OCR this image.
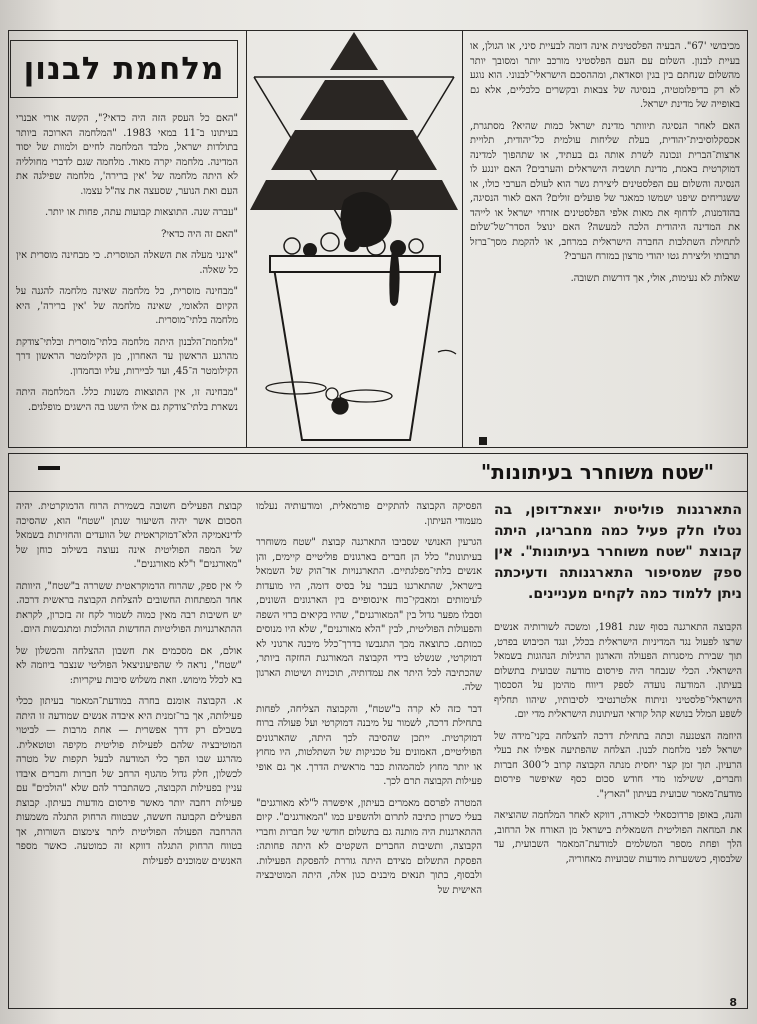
מלחמת לבנון

"האם כל העסק הזה היה כדאי?", הקשה אורי אבנרי בעיתונו ב־11 במאי 1983. "המלחמה הארוכה ביותר בתולדות ישראל, מלבד המלחמה לחיים ולמוות של יסוד המדינה. מלחמה יקרה מאוד. מלחמה שגם לדברי מחולליה לא היתה מלחמה של 'אין ברירה', מלחמה שפילגה את העם ואת הנוער, שסעצה את צה"ל עצמו.

"עברה שנה. התוצאות קבועות עתה, פחות או יותר.

"האם זה היה כדאי?

"אינני מעלה את השאלה המוסרית. כי מבחינה מוסרית אין כל שאלה.

"מבחינה מוסרית, כל מלחמה שאינה מלחמה להגנה על הקיום הלאומי, שאינה מלחמה של 'אין ברירה', היא מלחמה בלתי־מוסרית.

"מלחמת־הלבנון היתה מלחמה בלתי־מוסרית ובלתי־צודקת מהרגע הראשון עד האחרון, מן הקילומטר הראשון דרך הקילומטר ה־45, ועד לביירות, עליו ובחמדון.

"מבחינה זו, אין התוצאות משנות כלל. המלחמה היתה נשארת בלתי־צודקת גם אילו הישגו בה הישגים מופלגים.

מכיבושי '67". הבעיה הפלסטינית אינה דומה לבעיית סיני, או הגולן, או בעיית לבנון. השלום עם העם הפלסטיני מורכב יותר ומסובך יותר מהשלום שנחתם בין בגין וסאדאת, ומההסכם הישראלי־לבנוני. הוא נוגע לא רק בדיפלומטיה, בנסיגה של צבאות ובקשרים כלכליים, אלא גם באופייה של מדינת ישראל.

האם לאחר הנסיגה תיוותר מדינת ישראל כמות שהיא? מסתגרת, אכסקלוסיבית־יהודית, בעלת שליחות עולמית כל־יהודית, תלויית ארצות־הברית ונכונה לשרת אותה גם בעתיד, או שתהפוך למדינה דמוקרטית באמת, מדינת תושביה הישראלים והערבים? האם יונגע לו הנסיגה והשלום עם הפלסטינים ליצירת גשר הוא לעולם הערבי כולו, או ששגריחים שיפנו ישמשו כמאגר של פועלים זולים? האם לאור הנסיגה, בהזדמנות, לדחוף את מאות אלפי הפלסטינים אזרחי ישראל או לייהד את המדינה היהודית הלכה למעשה? האם ינוצל הסדר־של־שלום לתחילת השתלבות החברה הישראלית במרחב, או להקמת מסך־ברזל תרבותי וליצירת גטו יהודי מרצון במזרח הערבי?

שאלות לא נעימות, אולי, אך דורשות תשובה.

"שטח משוחרר בעיתונות"

התארגנות פוליטית יוצאת־דופן, בה נטלו חלק פעיל כמה מחבריגו, היתה קבוצת "שטח משוחרר בעיתונות". אין ספק שמסיפור התארגנותה ודעיכתה ניתן ללמוד כמה לקחים מעניינים.

הקבוצה התארגנה בסוף שנת 1981, ומשכה לשורותיה אנשים שרצו לפעול נגד המדיניות הישראלית בכלל, ונגד הכיבוש בפרט, תוך שבירת מיסגרות הפעולה והארגון הרגילות הנהוגות בשמאל הישראלי. הכלי שנבחר היה פירסום מודעה שבועית בתשלום בעיתון. המודעה נועדה לספק דיווח מהימן על הסכסוך הישראלי־פלסטיני וניתוח אלטרנטיבי לסיבותיו, שיהוו תחליף לשפע המלל בנושא קהל קוראי העיתונות הישראלית מדי יום.

היוזמה הצטנעה וכתה בתחילת דרכה להצלחה בקני־מידה של ישראל לפני מלחמת לבנון. הצלחה שהפתיעה אפילו את בעלי הרעיון. תוך זמן קצר יחסית מנתה הקבוצה קרוב ל־300 חברות וחברים, ששילמו מדי חודש סכום כסף שאיפשר פירסום מודעת־מאמר שבועית בעיתון "הארץ".

והנה, באופן פרדוכסאלי לכאורה, דווקא לאחר המלחמה שהוציאה את המחאה הפוליטית השמאלית בישראל מן האורח אל הרחוב, הלך ופחת מספר המשלמים למודעת־המאמר השבועית, עד שלבסוף, כששערות מודעות שבועיות מאחוריה,

הפסיקה הקבוצה להתקיים פורמאלית, ומודעותיה נעלמו מעמודי העיתון.

הגרעין האנושי שסביבו התארגנה קבוצת "שטח משוחרר בעיתונות" כלל הן חברים בארגונים פוליטיים קיימים, והן אנשים בלתי־מפלגתיים. התארגנויות אד־הוק של השמאל בישראל, שהתארגנו בעבר על בסיס דומה, היו מועדות לעימותים ומאבקי־כוח אינסופיים בין הארגונים השונים, וסבלו מפער גדול בין "המאורגנים", שהיו בקיאים ברזי השפה והפעולות הפוליטית, לבין "הלא מאורגנים", שלא היו מנוסים כמותם. כתוצאה מכך התגבשו בדרך־כלל מיבנה ארגוני לא דמוקרטי, שנשלט בידי הקבוצה המאורגנת החזקה ביותר, שהכתיבה לכל היתר את עמדותיה, תוכניות ושיטות הארגון שלה.

דבר כזה לא קרה ב"שטח", והקבוצה הצליחה, לפחות בתחילת דרכה, לשמור על מיבנה דמוקרטי ועל פעולה ברוח דמוקרטית. ייתכן שהסיבה לכך היתה, שהארגונים הפוליטיים, האמונים על טכניקות של השתלטות, היו מחוץ או יותר מחוץ למהמהות כבר מראשית הדרך. אך גם אופי פעילות הקבוצה תרם לכך.

המטרה לפרסם מאמרים בעיתון, איפשרה ל"לא מאורגנים" בעלי כשרון כתיבה לתרום ולהשפיע כמו "המאורגנים". קיום ההתארגנות היה מותנה גם בתשלום חודשי של חברות וחברי הקבוצה, ותשיבות החברים השקטים לא היתה פחותה: הפסקת התשלום מצידם היתה גוררת להפסקת הפעילות. ולבסוף, בתוך תנאים מיבנים כגון אלה, היתה המוטיבציה האישית של

קבוצת הפעילים חשובה בשמירת הרוח הדמוקרטית. יהיה הסכום אשר יהיה השיעור שנתן "שטח" הוא, שהסיכה לדינאמיקה הלא־דמוקראטית של הוועדים והחזיתות בשמאל של המפה הפוליטית אינה נעוצה בשילוב כוחן של "מאורגנים" ו"לא מאורגנים".

לי אין ספק, שהרוח הדמוקראטית ששררה ב"שטח", היוותה אחד המפתחות החשובים להצלחת הקבוצה בראשית דרכה. יש חשיבות רבה מאין כמוה לשמור לקח זה בזכרון, לקראת ההתארגנויות הפוליטיות החדשות ההולכות ומתגבשות היום.

אולם, אם מסכמים את חשבון ההצלחה והכשלון של "שטח", נראה לי שהפיעוניצאל הפוליטי שנצבר ביוזמה לא בא לכלל מימוש. וזאת משלוש סיבות עיקריות:

א. הקבוצה אומנם בחרה במודעת־המאמר בעיתון ככלי פעילותה, אך בר־זמנית היא איבדה אנשים שמודעה זו היתה בשבילם רק דרך אפשרית — אחת מרבות — לביטוי המוטיבציה שלהם לפעילות פוליטית מקיפה וטוטאלית. מהרגע שבו הפך כלי המודעה לבעל תקפות של מטרה לכשלון, חלק גדול מהגוף הרחב של חברות וחברים איבדו עניין בפעילות הקבוצה, כשהתברר להם שלא "הולכים" עם פעילות רחבה יותר מאשר פירסום מודעות בעיתון. קבוצת הפעילים הקבועה חששה, שבטווח הרחוק התגלה משמעות ההרחבה הפעולה הפוליטית ליתר צימצום השורות, אך בטווח הרחוק התגלה דווקא זה כמוטעה. כאשר מספר האנשים שמוכנים לפעילות

8
